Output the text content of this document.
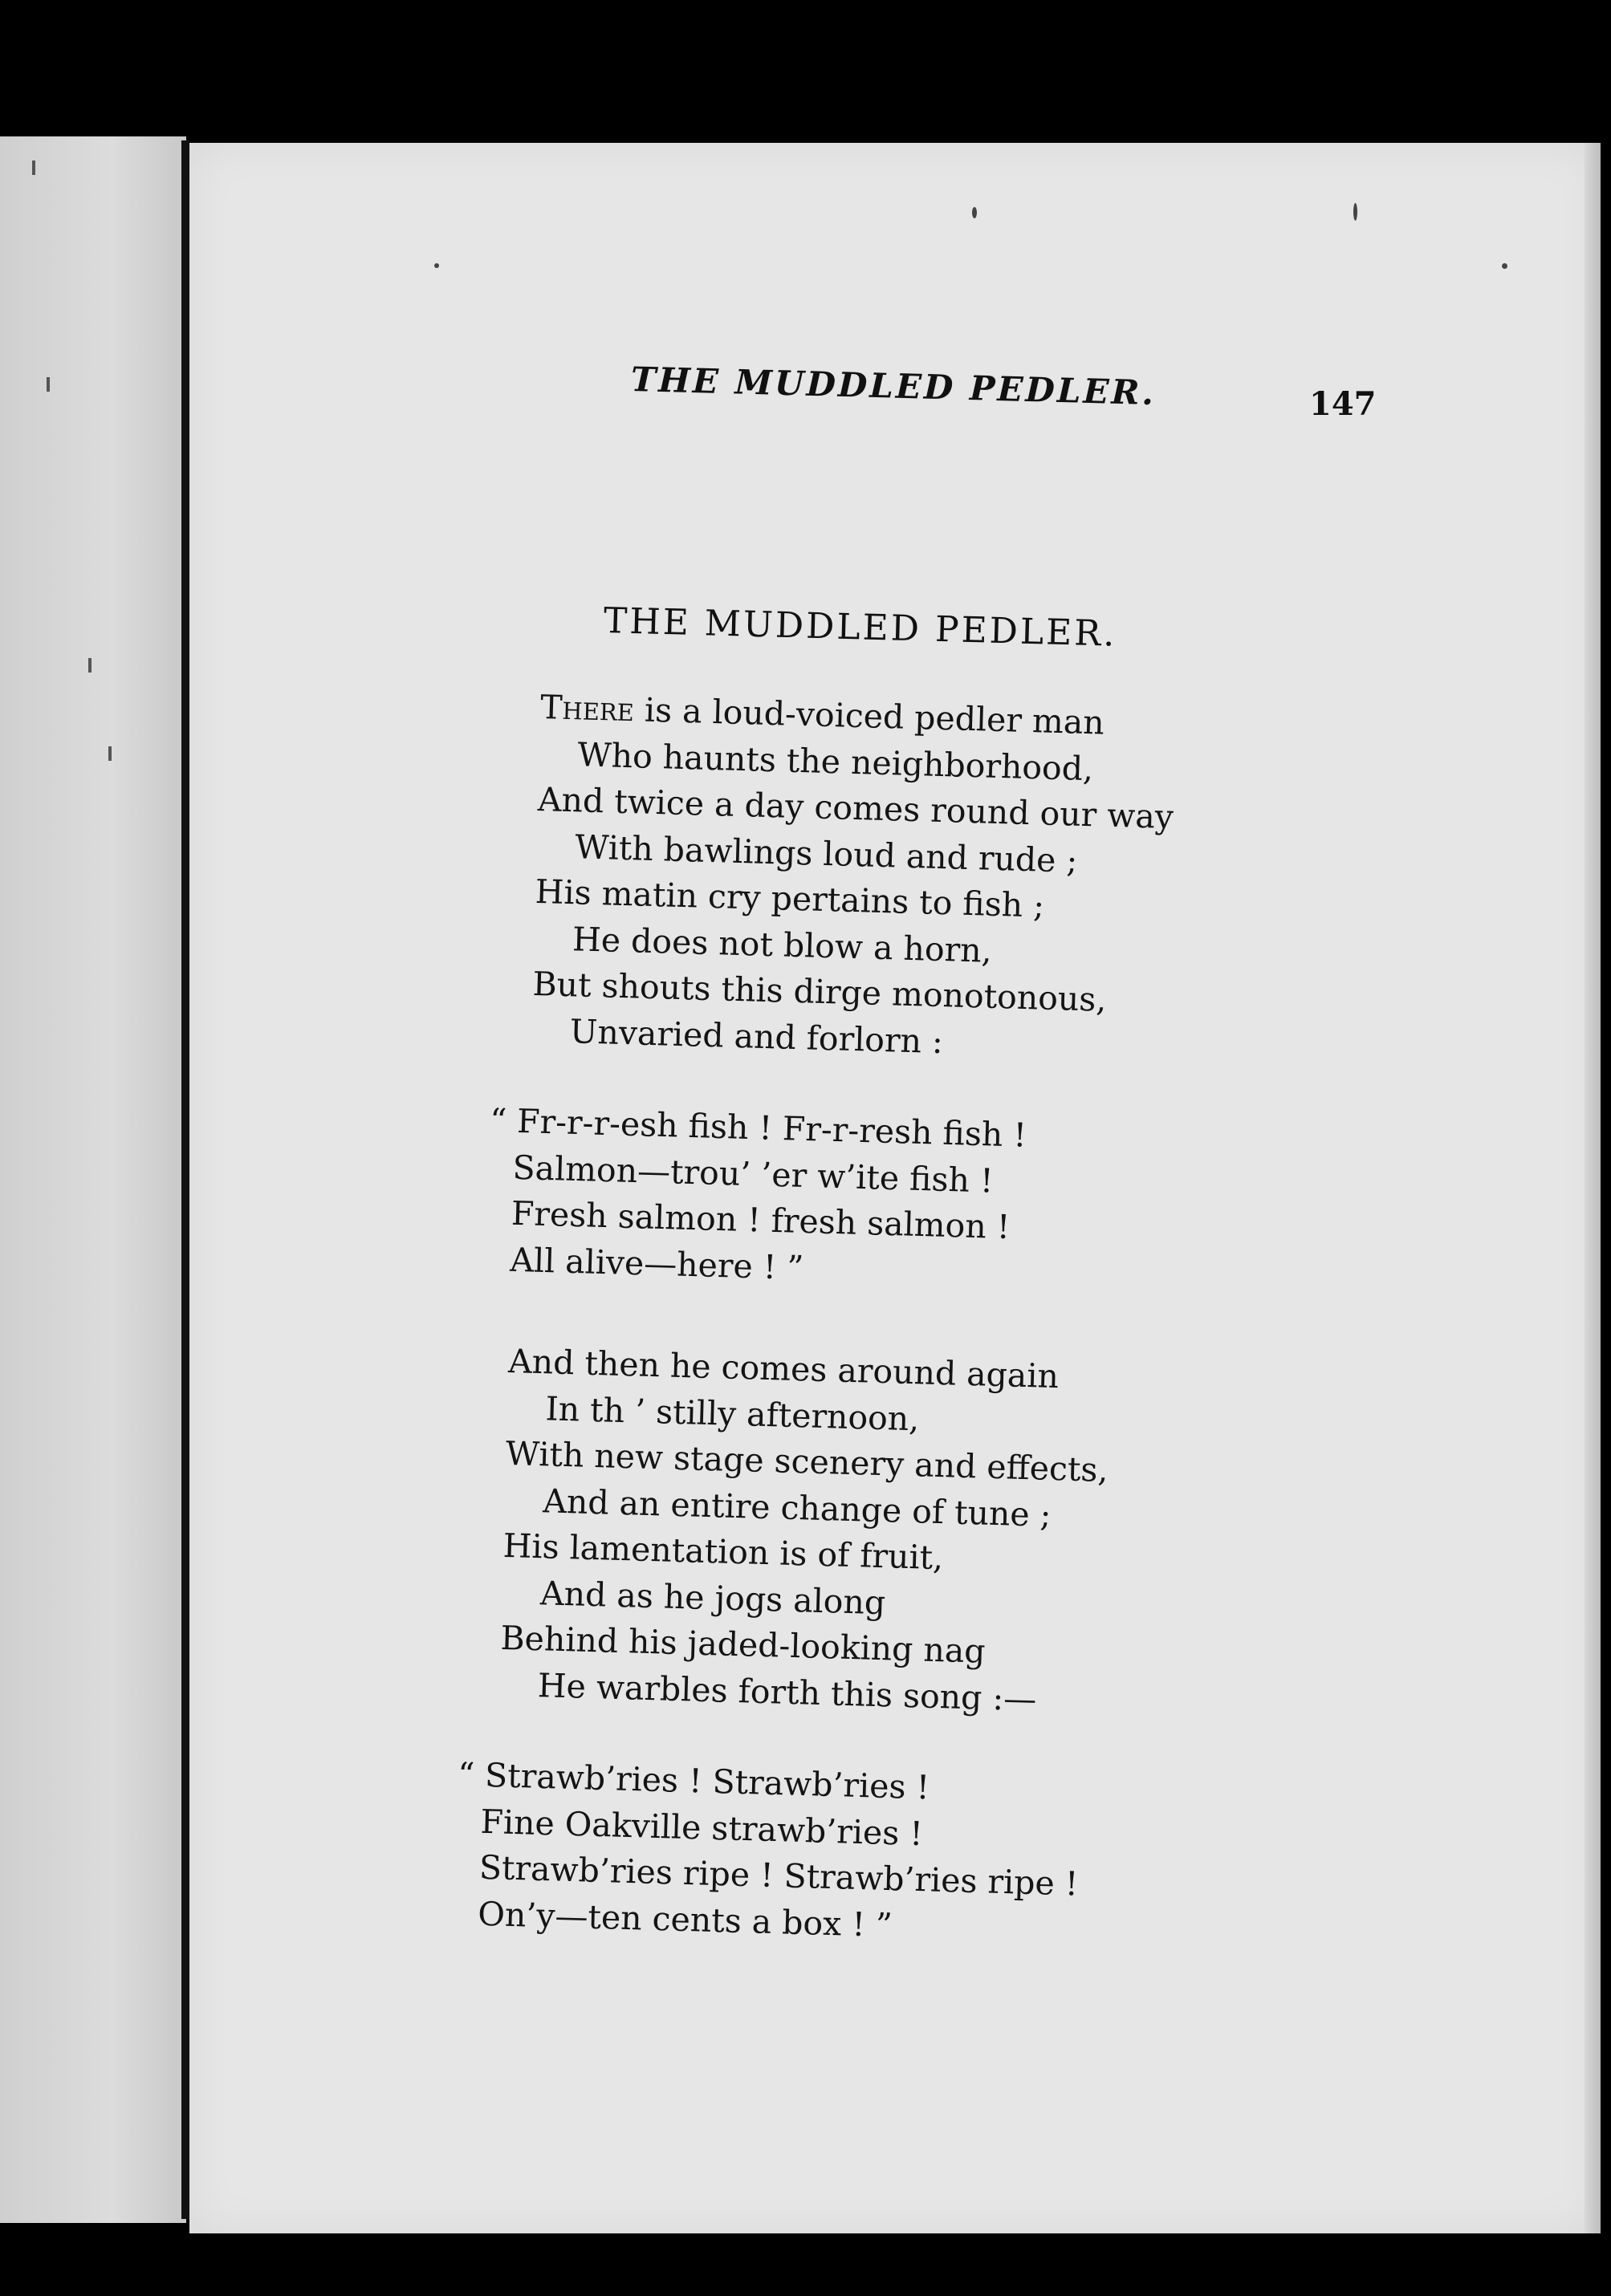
THE MUDDLED PEDLER.	147
THE MUDDLED PEDLER.
There is a loud-voiced pedler man
Who haunts the neighborhood,
And twice a day comes round our way
With bawlings loud and rude ;
His matin cry pertains to fish ;
He does not blow a horn,
But shouts this dirge monotonous,
Unvaried and forlorn :
“ Fr-r-r-esh fish ! Fr-r-resh fish !
Salmon—trou’ ’er w’ite fish !
Fresh salmon ! fresh salmon !
All alive—here ! ”
And then he comes around again
In th ’ stilly afternoon,
With new stage scenery and effects,
And an entire change of tune ;
His lamentation is of fruit,
And as he jogs along
Behind his jaded-looking nag
He warbles forth this song :—
“ Strawb’ries ! Strawb’ries !
Fine Oakville strawb’ries !
Strawb’ries ripe ! Strawb’ries ripe !
On’y—ten cents a box ! ”
